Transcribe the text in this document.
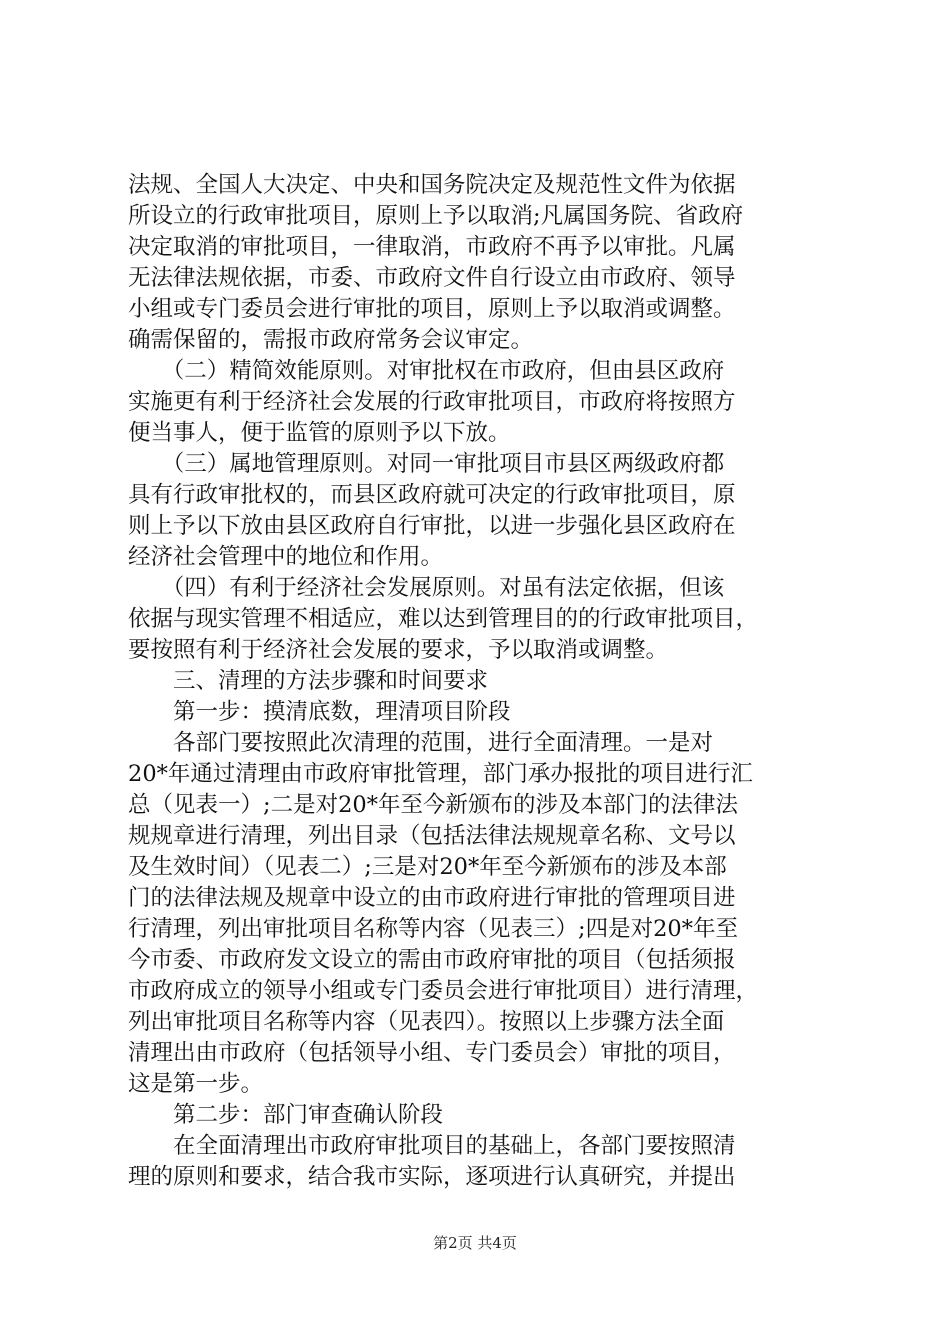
法规、全国人大决定、中央和国务院决定及规范性文件为依据
所设立的行政审批项目，原则上予以取消;凡属国务院、省政府
决定取消的审批项目，一律取消，市政府不再予以审批。凡属
无法律法规依据，市委、市政府文件自行设立由市政府、领导
小组或专门委员会进行审批的项目，原则上予以取消或调整。
确需保留的，需报市政府常务会议审定。
　　（二）精简效能原则。对审批权在市政府，但由县区政府
实施更有利于经济社会发展的行政审批项目，市政府将按照方
便当事人，便于监管的原则予以下放。
　　（三）属地管理原则。对同一审批项目市县区两级政府都
具有行政审批权的，而县区政府就可决定的行政审批项目，原
则上予以下放由县区政府自行审批，以进一步强化县区政府在
经济社会管理中的地位和作用。
　　（四）有利于经济社会发展原则。对虽有法定依据，但该
依据与现实管理不相适应，难以达到管理目的的行政审批项目，
要按照有利于经济社会发展的要求，予以取消或调整。
　　三、清理的方法步骤和时间要求
　　第一步：摸清底数，理清项目阶段
　　各部门要按照此次清理的范围，进行全面清理。一是对
20*年通过清理由市政府审批管理，部门承办报批的项目进行汇
总（见表一）;二是对20*年至今新颁布的涉及本部门的法律法
规规章进行清理，列出目录（包括法律法规规章名称、文号以
及生效时间）（见表二）;三是对20*年至今新颁布的涉及本部
门的法律法规及规章中设立的由市政府进行审批的管理项目进
行清理，列出审批项目名称等内容（见表三）;四是对20*年至
今市委、市政府发文设立的需由市政府审批的项目（包括须报
市政府成立的领导小组或专门委员会进行审批项目）进行清理，
列出审批项目名称等内容（见表四）。按照以上步骤方法全面
清理出由市政府（包括领导小组、专门委员会）审批的项目，
这是第一步。
　　第二步：部门审查确认阶段
　　在全面清理出市政府审批项目的基础上，各部门要按照清
理的原则和要求，结合我市实际，逐项进行认真研究，并提出
第2页 共4页
